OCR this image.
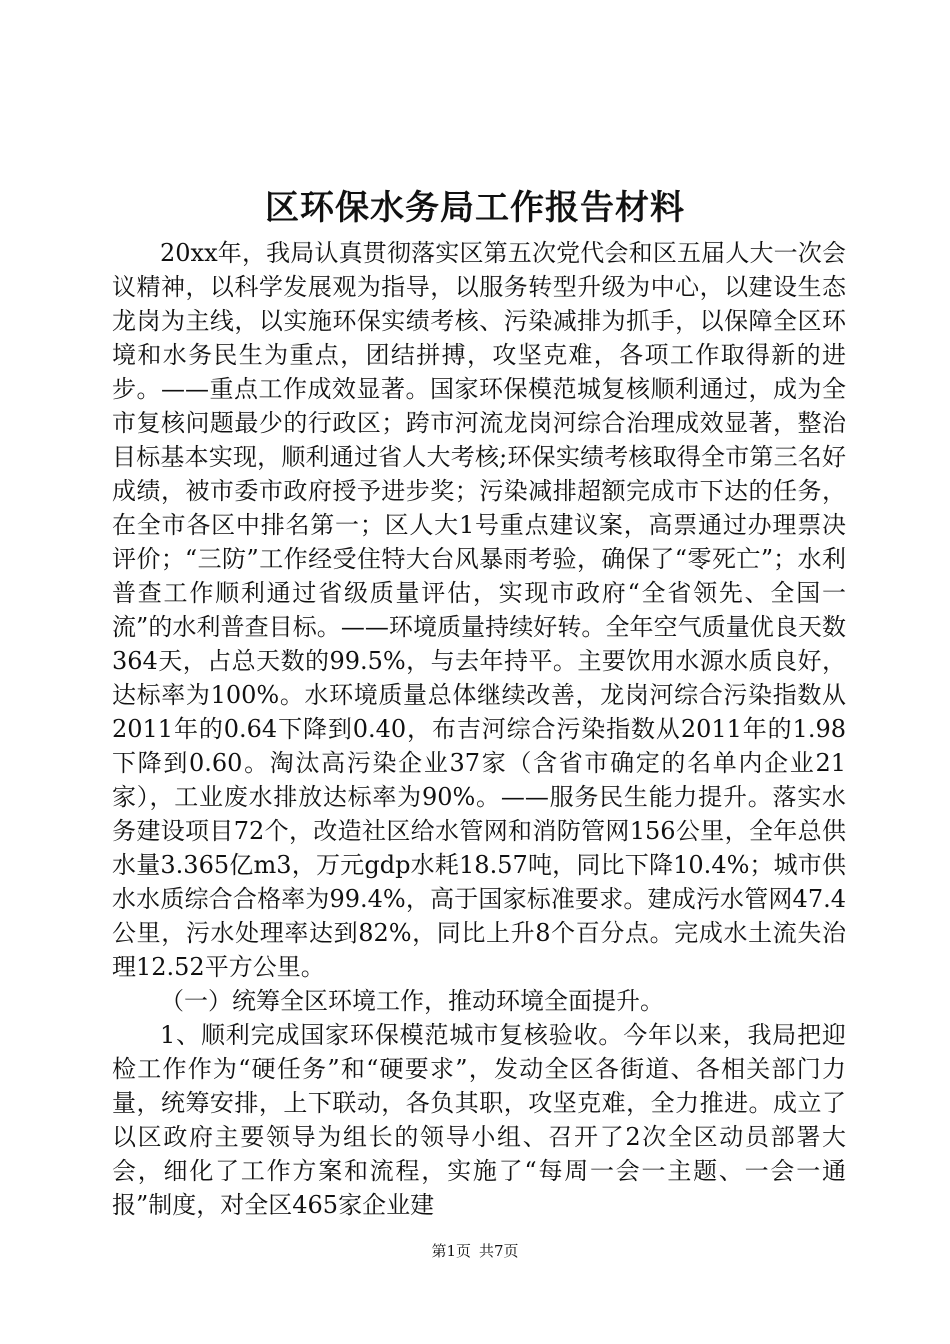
区环保水务局工作报告材料

20xx年，我局认真贯彻落实区第五次党代会和区五届人大一次会议精神，以科学发展观为指导，以服务转型升级为中心，以建设生态龙岗为主线，以实施环保实绩考核、污染减排为抓手，以保障全区环境和水务民生为重点，团结拼搏，攻坚克难，各项工作取得新的进步。——重点工作成效显著。国家环保模范城复核顺利通过，成为全市复核问题最少的行政区；跨市河流龙岗河综合治理成效显著，整治目标基本实现，顺利通过省人大考核;环保实绩考核取得全市第三名好成绩，被市委市政府授予进步奖；污染减排超额完成市下达的任务，在全市各区中排名第一；区人大1号重点建议案，高票通过办理票决评价；“三防”工作经受住特大台风暴雨考验，确保了“零死亡”；水利普查工作顺利通过省级质量评估，实现市政府“全省领先、全国一流”的水利普查目标。——环境质量持续好转。全年空气质量优良天数364天，占总天数的99.5%，与去年持平。主要饮用水源水质良好，达标率为100%。水环境质量总体继续改善，龙岗河综合污染指数从2011年的0.64下降到0.40，布吉河综合污染指数从2011年的1.98下降到0.60。淘汰高污染企业37家（含省市确定的名单内企业21家），工业废水排放达标率为90%。——服务民生能力提升。落实水务建设项目72个，改造社区给水管网和消防管网156公里，全年总供水量3.365亿m3，万元gdp水耗18.57吨，同比下降10.4%；城市供水水质综合合格率为99.4%，高于国家标准要求。建成污水管网47.4公里，污水处理率达到82%，同比上升8个百分点。完成水土流失治理12.52平方公里。

（一）统筹全区环境工作，推动环境全面提升。

1、顺利完成国家环保模范城市复核验收。今年以来，我局把迎检工作作为“硬任务”和“硬要求”，发动全区各街道、各相关部门力量，统筹安排，上下联动，各负其职，攻坚克难，全力推进。成立了以区政府主要领导为组长的领导小组、召开了2次全区动员部署大会，细化了工作方案和流程，实施了“每周一会一主题、一会一通报”制度，对全区465家企业建

第1页 共7页
